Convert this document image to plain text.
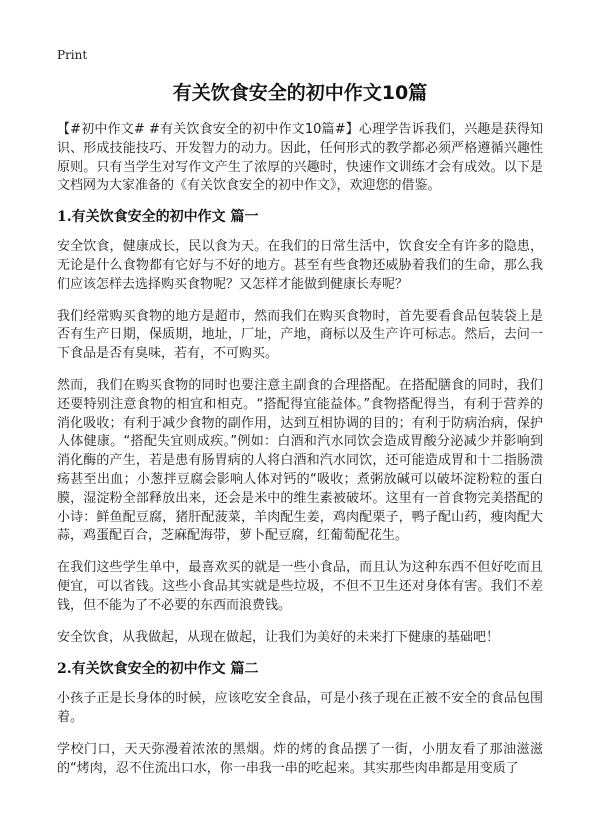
Print
有关饮食安全的初中作文10篇

【#初中作文# #有关饮食安全的初中作文10篇#】心理学告诉我们，兴趣是获得知识、形成技能技巧、开发智力的动力。因此，任何形式的教学都必须严格遵循兴趣性原则。只有当学生对写作文产生了浓厚的兴趣时，快速作文训练才会有成效。以下是文档网为大家准备的《有关饮食安全的初中作文》，欢迎您的借鉴。

1.有关饮食安全的初中作文 篇一

安全饮食，健康成长，民以食为天。在我们的日常生活中，饮食安全有许多的隐患，无论是什么食物都有它好与不好的地方。甚至有些食物还威胁着我们的生命，那么我们应该怎样去选择购买食物呢？又怎样才能做到健康长寿呢？

我们经常购买食物的地方是超市，然而我们在购买食物时，首先要看食品包装袋上是否有生产日期，保质期，地址，厂址，产地，商标以及生产许可标志。然后，去问一下食品是否有臭味，若有，不可购买。

然而，我们在购买食物的同时也要注意主副食的合理搭配。在搭配膳食的同时，我们还要特别注意食物的相宜和相克。“搭配得宜能益体。”食物搭配得当，有利于营养的消化吸收；有利于减少食物的副作用，达到互相协调的目的；有利于防病治病，保护人体健康。“搭配失宜则成疾。”例如：白酒和汽水同饮会造成胃酸分泌减少并影响到消化酶的产生，若是患有肠胃病的人将白酒和汽水同饮，还可能造成胃和十二指肠溃疡甚至出血；小葱拌豆腐会影响人体对钙的“吸收；煮粥放碱可以破坏淀粉粒的蛋白膜，湿淀粉全部释放出来，还会是米中的维生素被破坏。这里有一首食物完美搭配的小诗：鲜鱼配豆腐，猪肝配菠菜，羊肉配生姜，鸡肉配栗子，鸭子配山药，瘦肉配大蒜，鸡蛋配百合，芝麻配海带，萝卜配豆腐，红葡萄配花生。

在我们这些学生单中，最喜欢买的就是一些小食品，而且认为这种东西不但好吃而且便宜，可以省钱。这些小食品其实就是些垃圾，不但不卫生还对身体有害。我们不差钱，但不能为了不必要的东西而浪费钱。

安全饮食，从我做起，从现在做起，让我们为美好的未来打下健康的基础吧！

2.有关饮食安全的初中作文 篇二

小孩子正是长身体的时候，应该吃安全食品，可是小孩子现在正被不安全的食品包围着。

学校门口，天天弥漫着浓浓的黑烟。炸的烤的食品摆了一街，小朋友看了那油滋滋的“烤肉，忍不住流出口水，你一串我一串的吃起来。其实那些肉串都是用变质了
